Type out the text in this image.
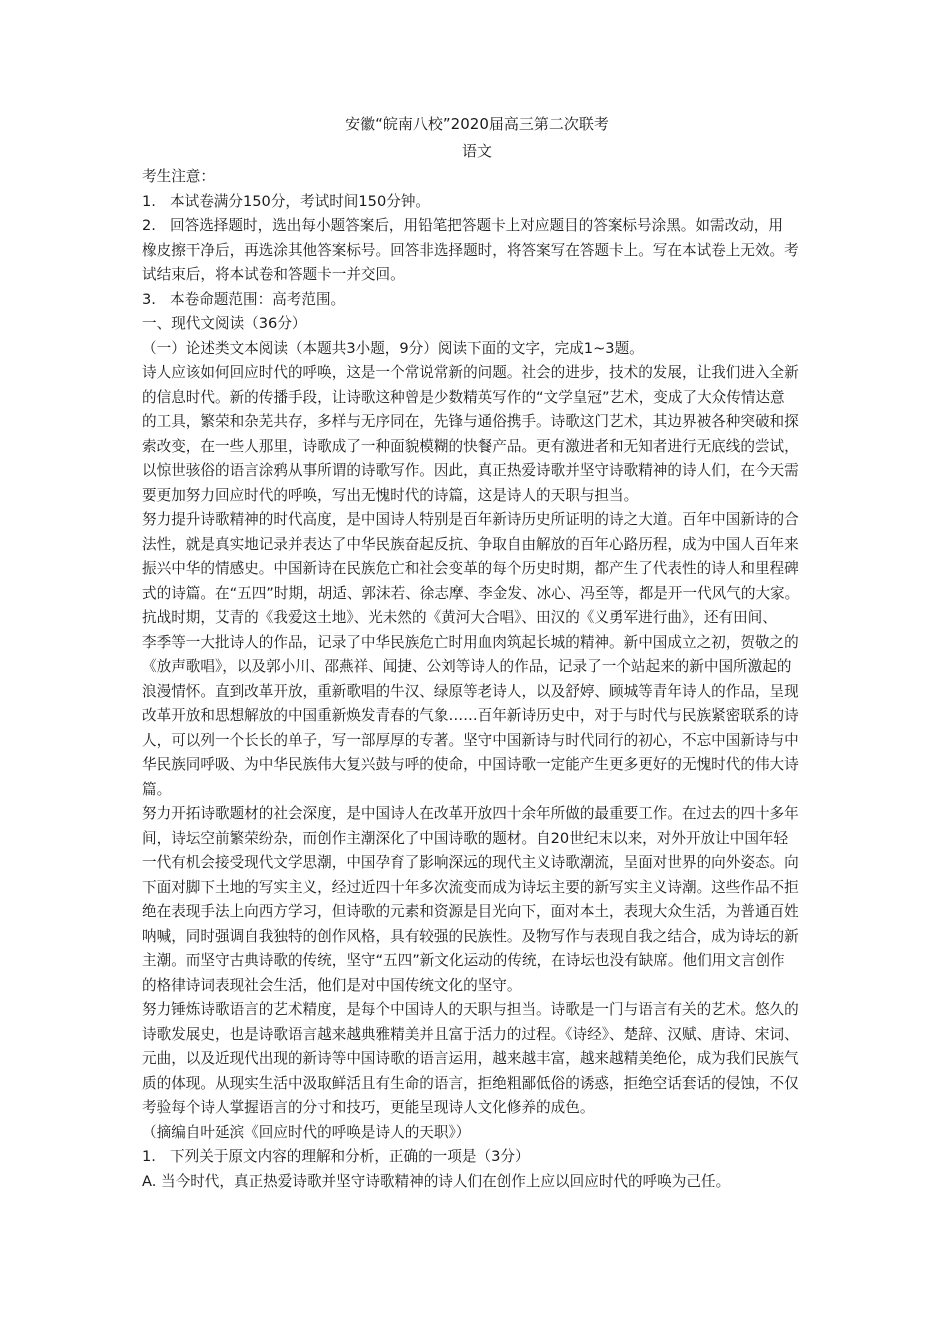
安徽“皖南八校”2020届高三第二次联考

语文

考生注意：

1. 本试卷满分150分，考试时间150分钟。

2. 回答选择题时，选出每小题答案后，用铅笔把答题卡上对应题目的答案标号涂黑。如需改动，用

橡皮擦干净后，再选涂其他答案标号。回答非选择题时，将答案写在答题卡上。写在本试卷上无效。考

试结束后，将本试卷和答题卡一并交回。

3. 本卷命题范围：高考范围。

一、现代文阅读（36分）

（一）论述类文本阅读（本题共3小题，9分）阅读下面的文字，完成1~3题。

诗人应该如何回应时代的呼唤，这是一个常说常新的问题。社会的进步，技术的发展，让我们进入全新

的信息时代。新的传播手段，让诗歌这种曾是少数精英写作的“文学皇冠”艺术，变成了大众传情达意

的工具，繁荣和杂芜共存，多样与无序同在，先锋与通俗携手。诗歌这门艺术，其边界被各种突破和探

索改变，在一些人那里，诗歌成了一种面貌模糊的快餐产品。更有激进者和无知者进行无底线的尝试，

以惊世骇俗的语言涂鸦从事所谓的诗歌写作。因此，真正热爱诗歌并坚守诗歌精神的诗人们，在今天需

要更加努力回应时代的呼唤，写出无愧时代的诗篇，这是诗人的天职与担当。

努力提升诗歌精神的时代高度，是中国诗人特别是百年新诗历史所证明的诗之大道。百年中国新诗的合

法性，就是真实地记录并表达了中华民族奋起反抗、争取自由解放的百年心路历程，成为中国人百年来

振兴中华的情感史。中国新诗在民族危亡和社会变革的每个历史时期，都产生了代表性的诗人和里程碑

式的诗篇。在“五四”时期，胡适、郭沫若、徐志摩、李金发、冰心、冯至等，都是开一代风气的大家。

抗战时期，艾青的《我爱这土地》、光未然的《黄河大合唱》、田汉的《义勇军进行曲》，还有田间、

李季等一大批诗人的作品，记录了中华民族危亡时用血肉筑起长城的精神。新中国成立之初，贺敬之的

《放声歌唱》，以及郭小川、邵燕祥、闻捷、公刘等诗人的作品，记录了一个站起来的新中国所激起的

浪漫情怀。直到改革开放，重新歌唱的牛汉、绿原等老诗人，以及舒婷、顾城等青年诗人的作品，呈现

改革开放和思想解放的中国重新焕发青春的气象……百年新诗历史中，对于与时代与民族紧密联系的诗

人，可以列一个长长的单子，写一部厚厚的专著。坚守中国新诗与时代同行的初心，不忘中国新诗与中

华民族同呼吸、为中华民族伟大复兴鼓与呼的使命，中国诗歌一定能产生更多更好的无愧时代的伟大诗

篇。

努力开拓诗歌题材的社会深度，是中国诗人在改革开放四十余年所做的最重要工作。在过去的四十多年

间，诗坛空前繁荣纷杂，而创作主潮深化了中国诗歌的题材。自20世纪末以来，对外开放让中国年轻

一代有机会接受现代文学思潮，中国孕育了影响深远的现代主义诗歌潮流，呈面对世界的向外姿态。向

下面对脚下土地的写实主义，经过近四十年多次流变而成为诗坛主要的新写实主义诗潮。这些作品不拒

绝在表现手法上向西方学习，但诗歌的元素和资源是目光向下，面对本土，表现大众生活，为普通百姓

呐喊，同时强调自我独特的创作风格，具有较强的民族性。及物写作与表现自我之结合，成为诗坛的新

主潮。而坚守古典诗歌的传统，坚守“五四”新文化运动的传统，在诗坛也没有缺席。他们用文言创作

的格律诗词表现社会生活，他们是对中国传统文化的坚守。

努力锤炼诗歌语言的艺术精度，是每个中国诗人的天职与担当。诗歌是一门与语言有关的艺术。悠久的

诗歌发展史，也是诗歌语言越来越典雅精美并且富于活力的过程。《诗经》、楚辞、汉赋、唐诗、宋词、

元曲，以及近现代出现的新诗等中国诗歌的语言运用，越来越丰富，越来越精美绝伦，成为我们民族气

质的体现。从现实生活中汲取鲜活且有生命的语言，拒绝粗鄙低俗的诱惑，拒绝空话套话的侵蚀，不仅

考验每个诗人掌握语言的分寸和技巧，更能呈现诗人文化修养的成色。

（摘编自叶延滨《回应时代的呼唤是诗人的天职》）

1. 下列关于原文内容的理解和分析，正确的一项是（3分）

A. 当今时代，真正热爱诗歌并坚守诗歌精神的诗人们在创作上应以回应时代的呼唤为己任。
